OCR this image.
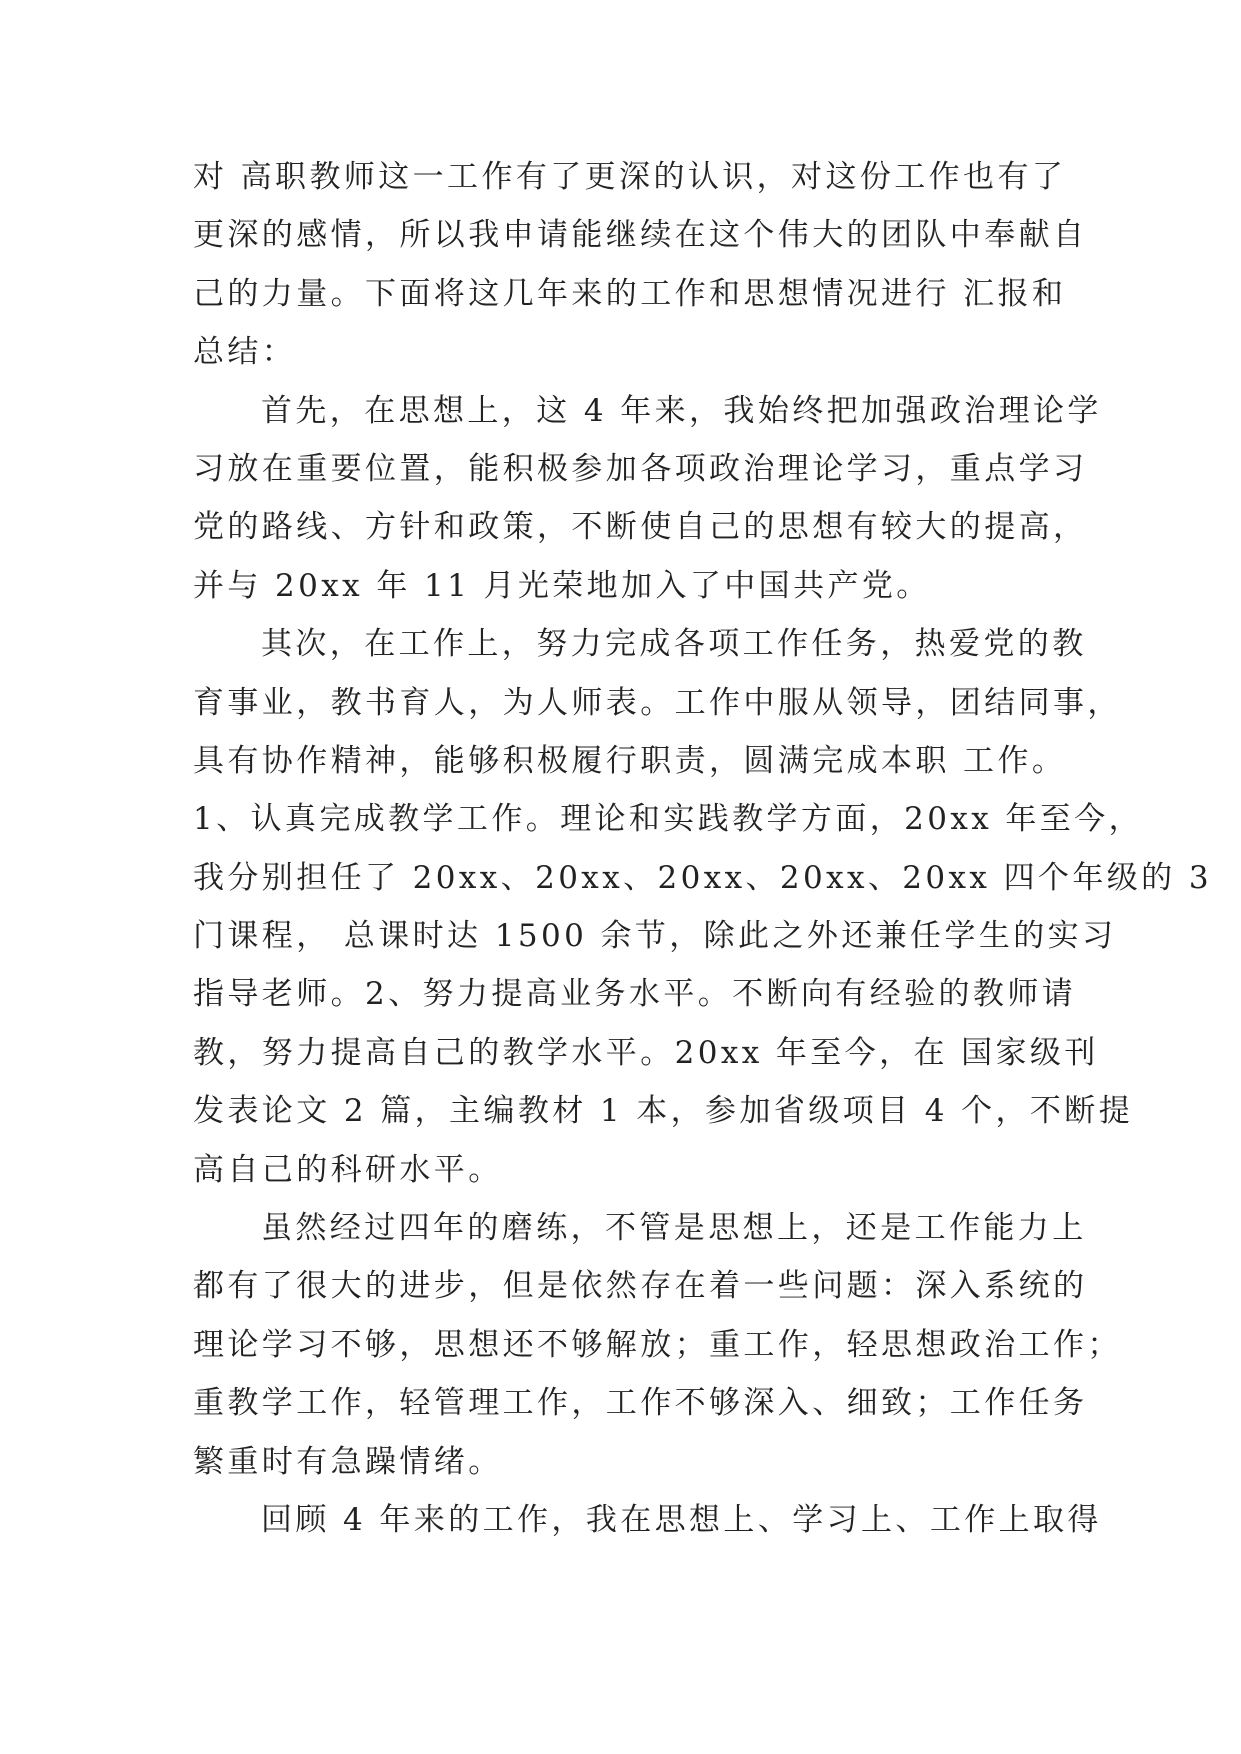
对 高职教师这一工作有了更深的认识，对这份工作也有了
更深的感情，所以我申请能继续在这个伟大的团队中奉献自
己的力量。下面将这几年来的工作和思想情况进行 汇报和
总结：
首先，在思想上，这 4 年来，我始终把加强政治理论学
习放在重要位置，能积极参加各项政治理论学习，重点学习
党的路线、方针和政策，不断使自己的思想有较大的提高，
并与 20xx 年 11 月光荣地加入了中国共产党。
其次，在工作上，努力完成各项工作任务，热爱党的教
育事业，教书育人，为人师表。工作中服从领导，团结同事，
具有协作精神，能够积极履行职责，圆满完成本职 工作。
1、认真完成教学工作。理论和实践教学方面，20xx 年至今，
我分别担任了 20xx、20xx、20xx、20xx、20xx 四个年级的 3
门课程， 总课时达 1500 余节，除此之外还兼任学生的实习
指导老师。2、努力提高业务水平。不断向有经验的教师请
教，努力提高自己的教学水平。20xx 年至今，在 国家级刊
发表论文 2 篇，主编教材 1 本，参加省级项目 4 个，不断提
高自己的科研水平。
虽然经过四年的磨练，不管是思想上，还是工作能力上
都有了很大的进步，但是依然存在着一些问题：深入系统的
理论学习不够，思想还不够解放；重工作，轻思想政治工作；
重教学工作，轻管理工作，工作不够深入、细致；工作任务
繁重时有急躁情绪。
回顾 4 年来的工作，我在思想上、学习上、工作上取得
